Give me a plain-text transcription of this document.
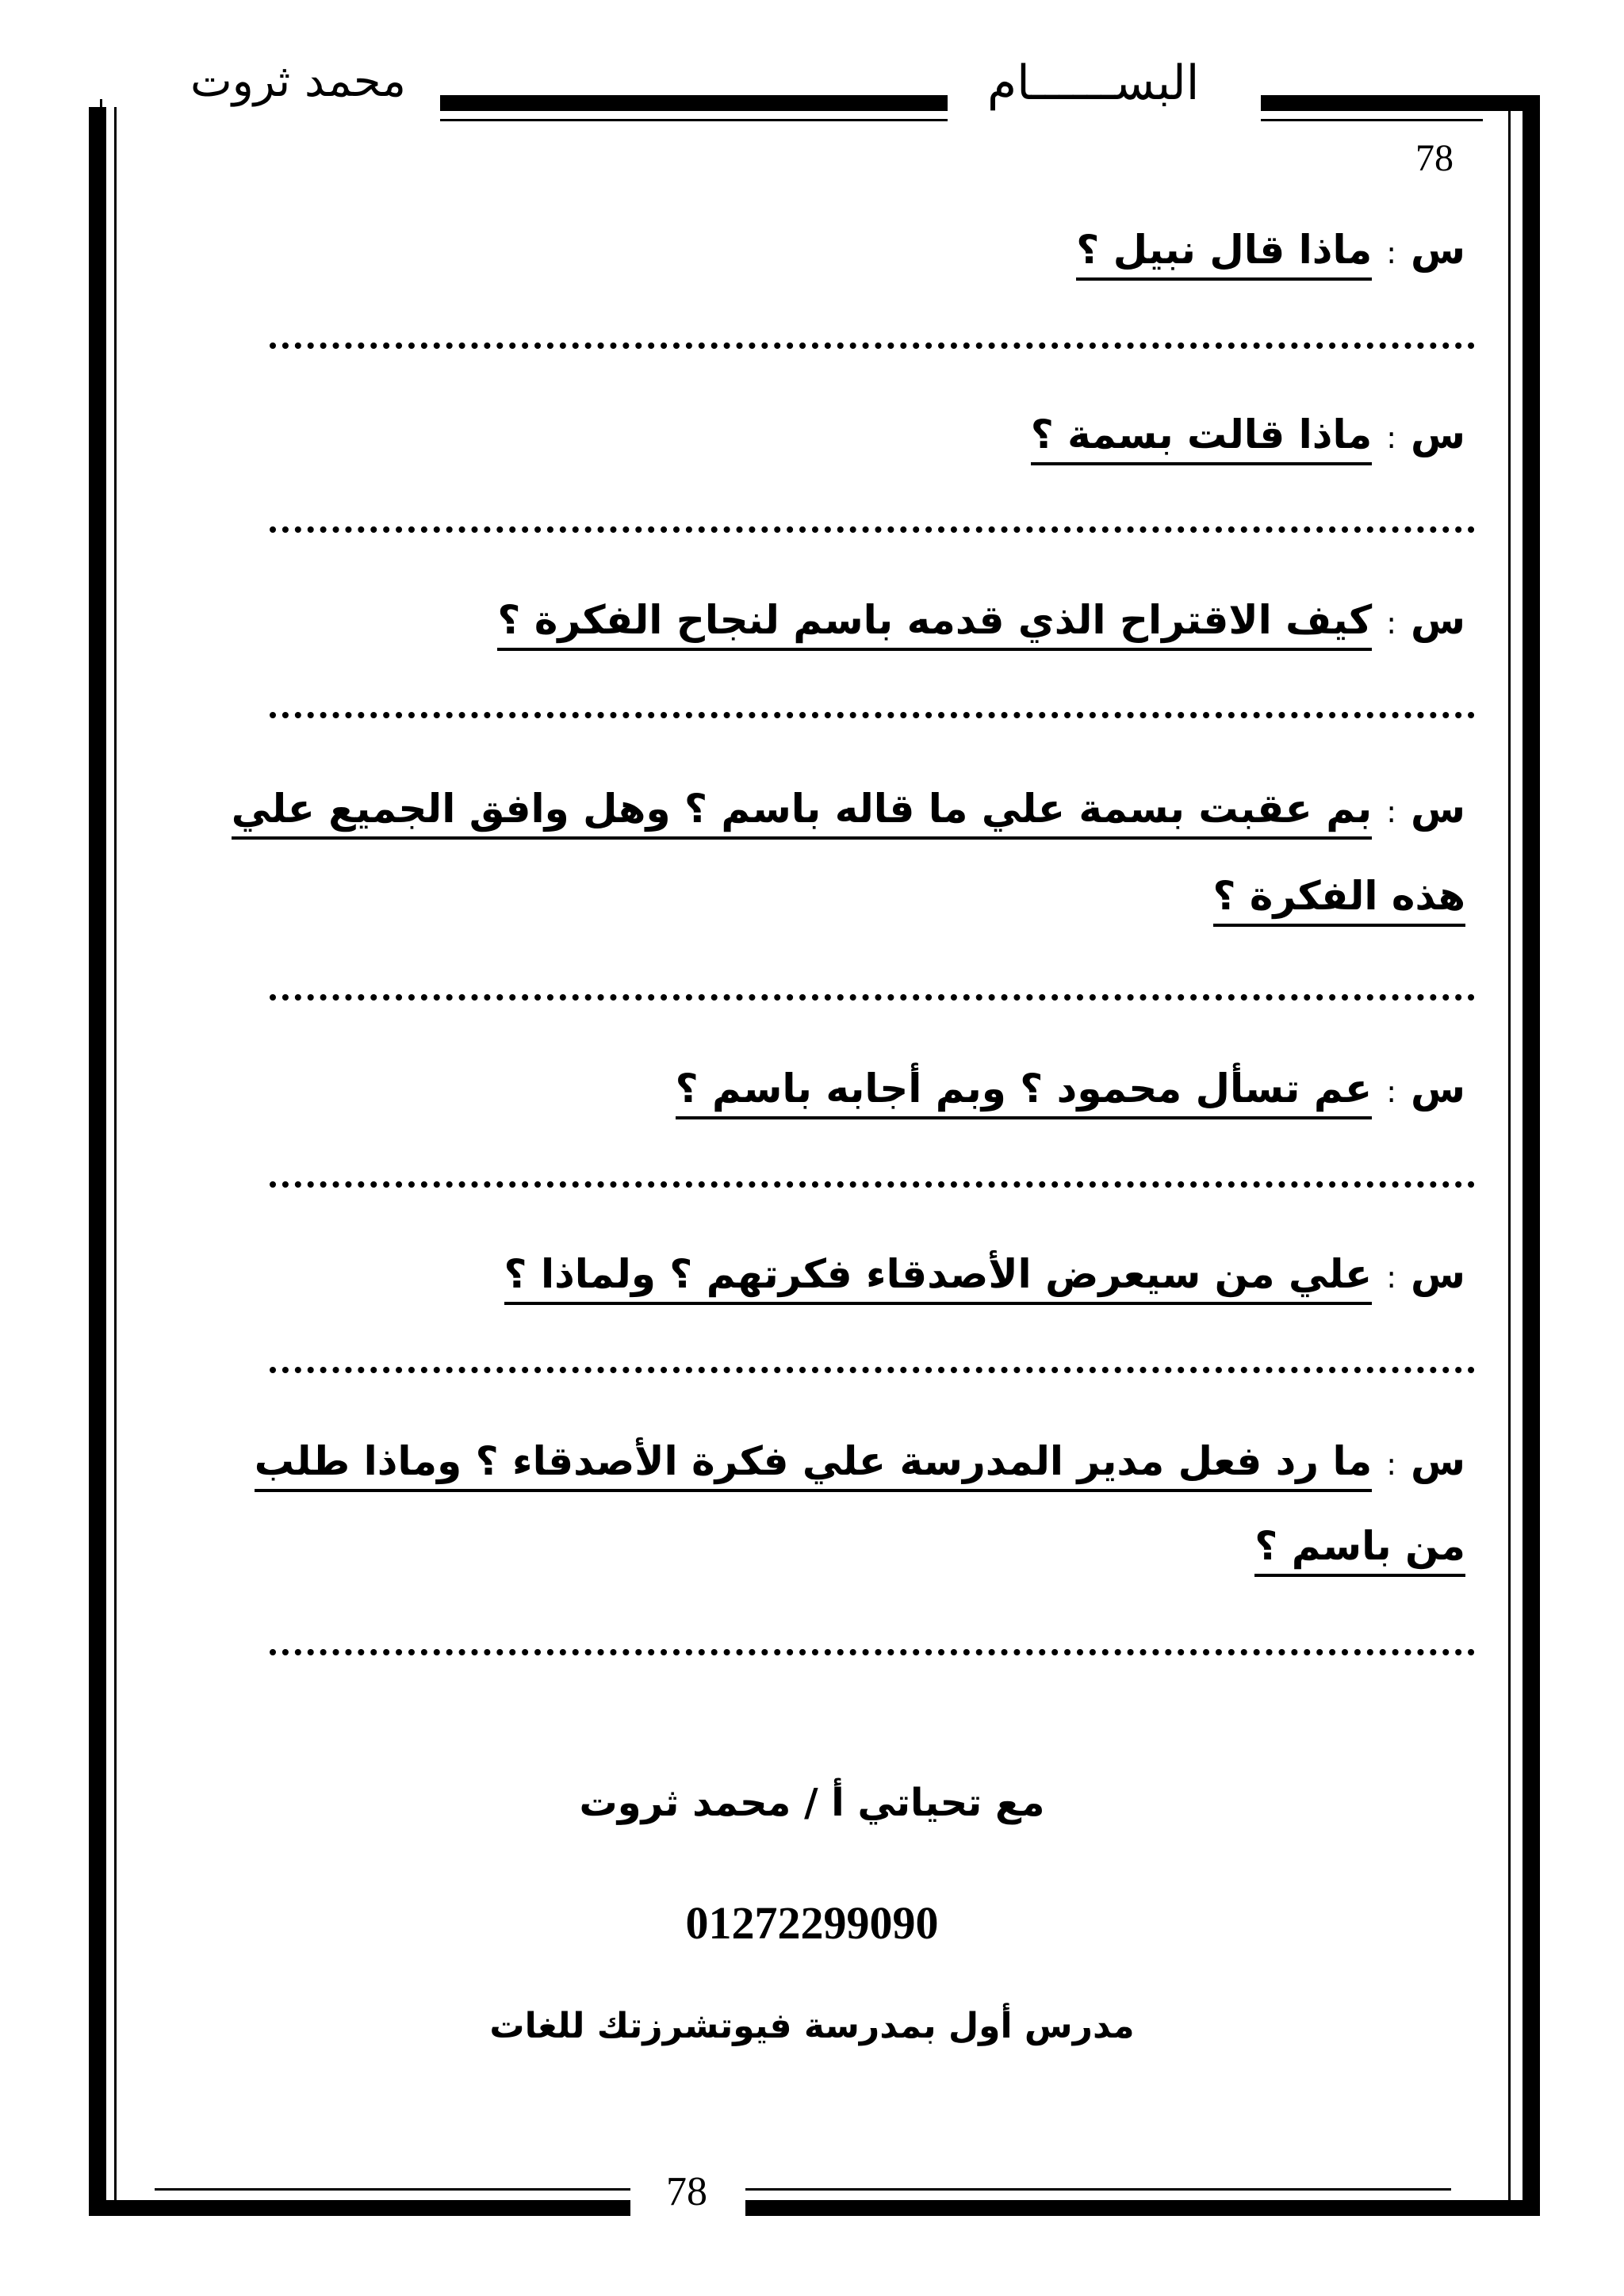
محمد ثروت	البســــــام
78
س:ماذا قال نبيل ؟
س:ماذا قالت بسمة ؟
س:كيف الاقتراح الذي قدمه باسم لنجاح الفكرة ؟
س:بم عقبت بسمة علي ما قاله باسم ؟ وهل وافق الجميع علي
هذه الفكرة ؟
س:عم تسأل محمود ؟ وبم أجابه باسم ؟
س:علي من سيعرض الأصدقاء فكرتهم ؟ ولماذا ؟
س:ما رد فعل مدير المدرسة علي فكرة الأصدقاء ؟ وماذا طلب
من باسم ؟
مع تحياتي أ / محمد ثروت
01272299090
مدرس أول بمدرسة فيوتشرزتك للغات
78
